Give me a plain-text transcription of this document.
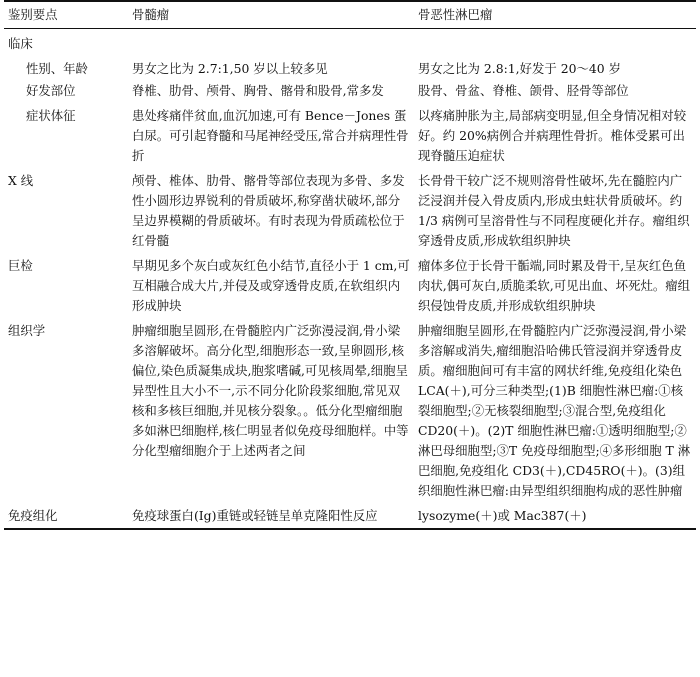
鉴别要点	骨髓瘤	骨恶性淋巴瘤
临床		
性别、年龄	男女之比为 2.7:1,50 岁以上较多见	男女之比为 2.8:1,好发于 20～40 岁
好发部位	脊椎、肋骨、颅骨、胸骨、髂骨和股骨,常多发	股骨、骨盆、脊椎、颌骨、胫骨等部位
症状体征	患处疼痛伴贫血,血沉加速,可有 Bence－Jones 蛋白尿。可引起脊髓和马尾神经受压,常合并病理性骨折	以疼痛肿胀为主,局部病变明显,但全身情况相对较好。约 20%病例合并病理性骨折。椎体受累可出现脊髓压迫症状
X 线	颅骨、椎体、肋骨、髂骨等部位表现为多骨、多发性小圆形边界锐利的骨质破坏,称穿凿状破坏,部分呈边界模糊的骨质破坏。有时表现为骨质疏松位于红骨髓	长骨骨干较广泛不规则溶骨性破坏,先在髓腔内广泛浸润并侵入骨皮质内,形成虫蛀状骨质破坏。约 1/3 病例可呈溶骨性与不同程度硬化并存。瘤组织穿透骨皮质,形成软组织肿块
巨检	早期见多个灰白或灰红色小结节,直径小于 1 cm,可互相融合成大片,并侵及或穿透骨皮质,在软组织内形成肿块	瘤体多位于长骨干骺端,同时累及骨干,呈灰红色鱼肉状,偶可灰白,质脆柔软,可见出血、坏死灶。瘤组织侵蚀骨皮质,并形成软组织肿块
组织学	肿瘤细胞呈圆形,在骨髓腔内广泛弥漫浸润,骨小梁多溶解破坏。高分化型,细胞形态一致,呈卵圆形,核偏位,染色质凝集成块,胞浆嗜碱,可见核周晕,细胞呈异型性且大小不一,示不同分化阶段浆细胞,常见双核和多核巨细胞,并见核分裂象。。低分化型瘤细胞多如淋巴细胞样,核仁明显者似免疫母细胞样。中等分化型瘤细胞介于上述两者之间	肿瘤细胞呈圆形,在骨髓腔内广泛弥漫浸润,骨小梁多溶解或消失,瘤细胞沿哈佛氏管浸润并穿透骨皮质。瘤细胞间可有丰富的网状纤维,免疫组化染色 LCA(＋),可分三种类型;(1)B 细胞性淋巴瘤:①核裂细胞型;②无核裂细胞型;③混合型,免疫组化 CD20(＋)。(2)T 细胞性淋巴瘤:①透明细胞型;②淋巴母细胞型;③T 免疫母细胞型;④多形细胞 T 淋巴细胞,免疫组化 CD3(＋),CD45RO(＋)。(3)组织细胞性淋巴瘤:由异型组织细胞构成的恶性肿瘤
免疫组化	免疫球蛋白(Ig)重链或轻链呈单克隆阳性反应	lysozyme(＋)或 Mac387(＋)
